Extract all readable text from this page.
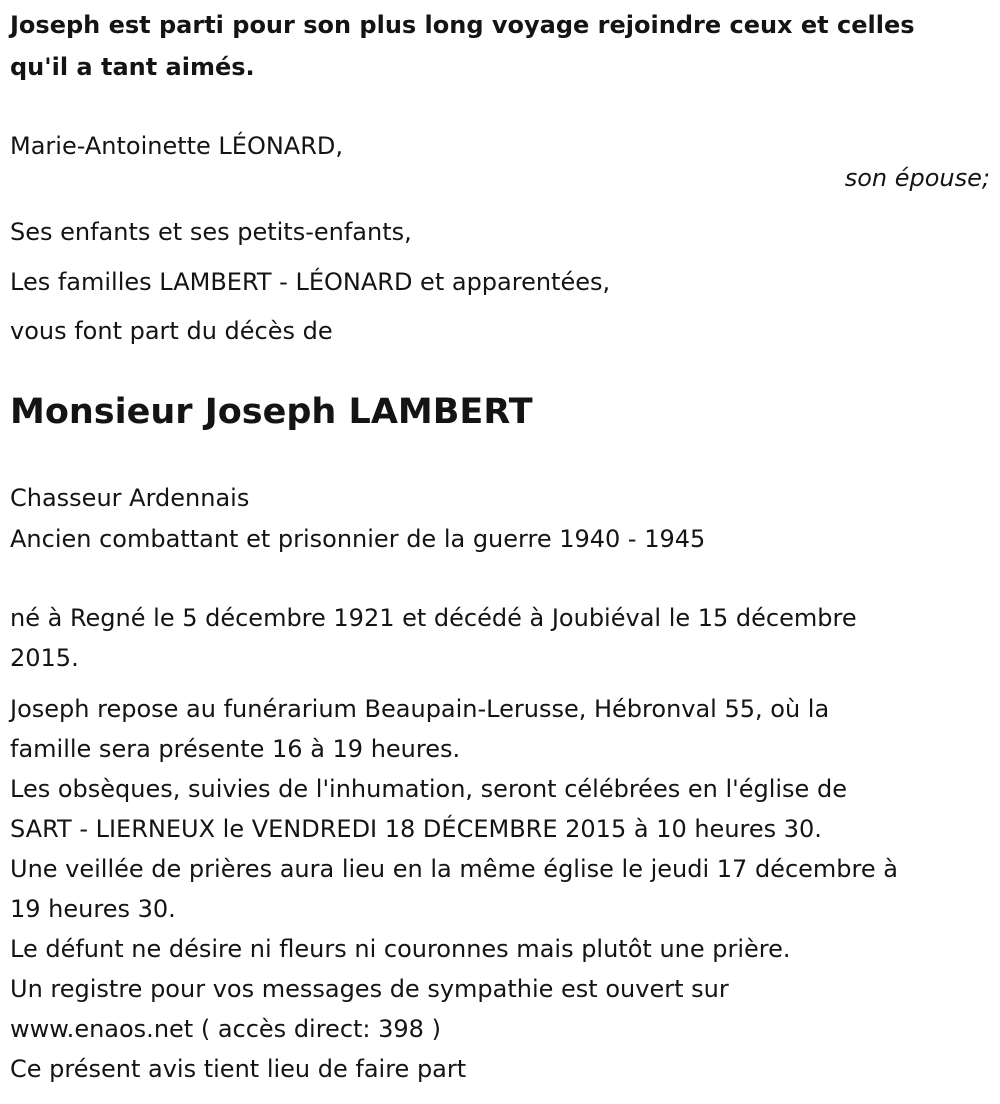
Joseph est parti pour son plus long voyage rejoindre ceux et celles
qu'il a tant aimés.
Marie-Antoinette LÉONARD,
son épouse;
Ses enfants et ses petits-enfants,
Les familles LAMBERT - LÉONARD et apparentées,
vous font part du décès de
Monsieur Joseph LAMBERT
Chasseur Ardennais
Ancien combattant et prisonnier de la guerre 1940 - 1945
né à Regné le 5 décembre 1921 et décédé à Joubiéval le 15 décembre
2015.
Joseph repose au funérarium Beaupain-Lerusse, Hébronval 55, où la
famille sera présente 16 à 19 heures.
Les obsèques, suivies de l'inhumation, seront célébrées en l'église de
SART - LIERNEUX le VENDREDI 18 DÉCEMBRE 2015 à 10 heures 30.
Une veillée de prières aura lieu en la même église le jeudi 17 décembre à
19 heures 30.
Le défunt ne désire ni fleurs ni couronnes mais plutôt une prière.
Un registre pour vos messages de sympathie est ouvert sur
www.enaos.net ( accès direct: 398 )
Ce présent avis tient lieu de faire part
